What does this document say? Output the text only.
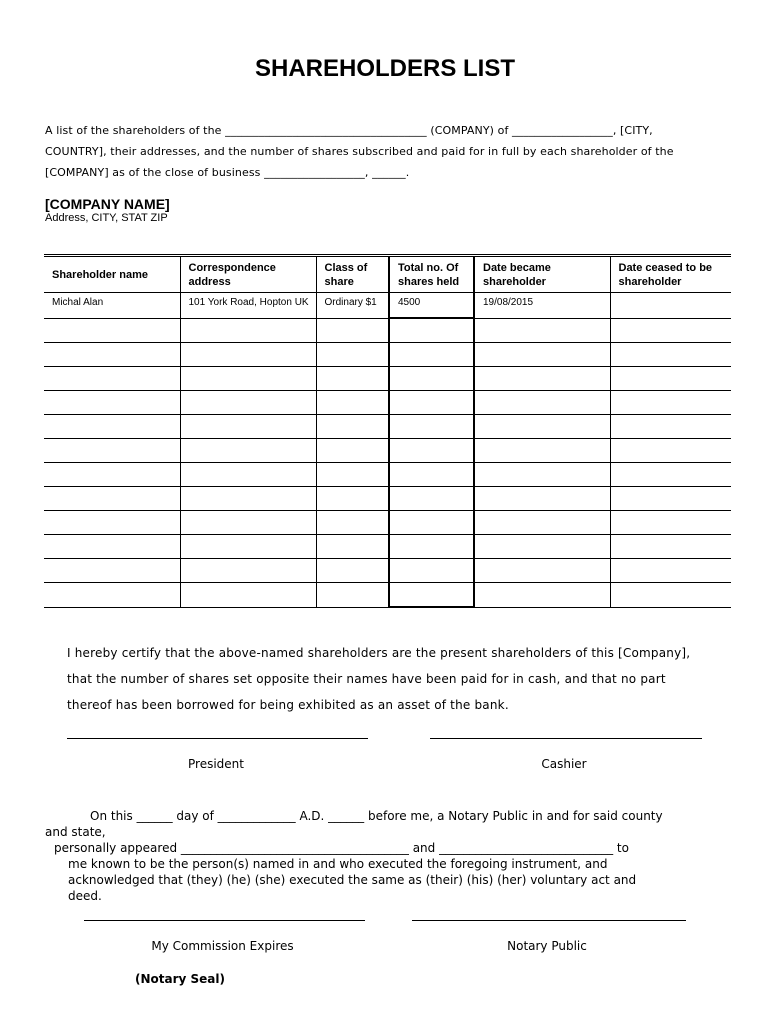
SHAREHOLDERS LIST
A list of the shareholders of the ____________________________________ (COMPANY) of __________________, [CITY,
COUNTRY], their addresses, and the number of shares subscribed and paid for in full by each shareholder of the
[COMPANY] as of the close of business __________________, ______.
[COMPANY NAME]
Address, CITY, STAT ZIP
Shareholder name	Correspondence address	Class of share	Total no. Of shares held	Date became shareholder	Date ceased to be shareholder
Michal Alan	101 York Road, Hopton UK	Ordinary $1	4500	19/08/2015	

I hereby certify that the above-named shareholders are the present shareholders of this [Company],
that the number of shares set opposite their names have been paid for in cash, and that no part
thereof has been borrowed for being exhibited as an asset of the bank.
President	Cashier
On this ______ day of _____________ A.D. ______ before me, a Notary Public in and for said county
and state,
personally appeared ______________________________________ and _____________________________ to
me known to be the person(s) named in and who executed the foregoing instrument, and
acknowledged that (they) (he) (she) executed the same as (their) (his) (her) voluntary act and
deed.
My Commission Expires	Notary Public
(Notary Seal)
